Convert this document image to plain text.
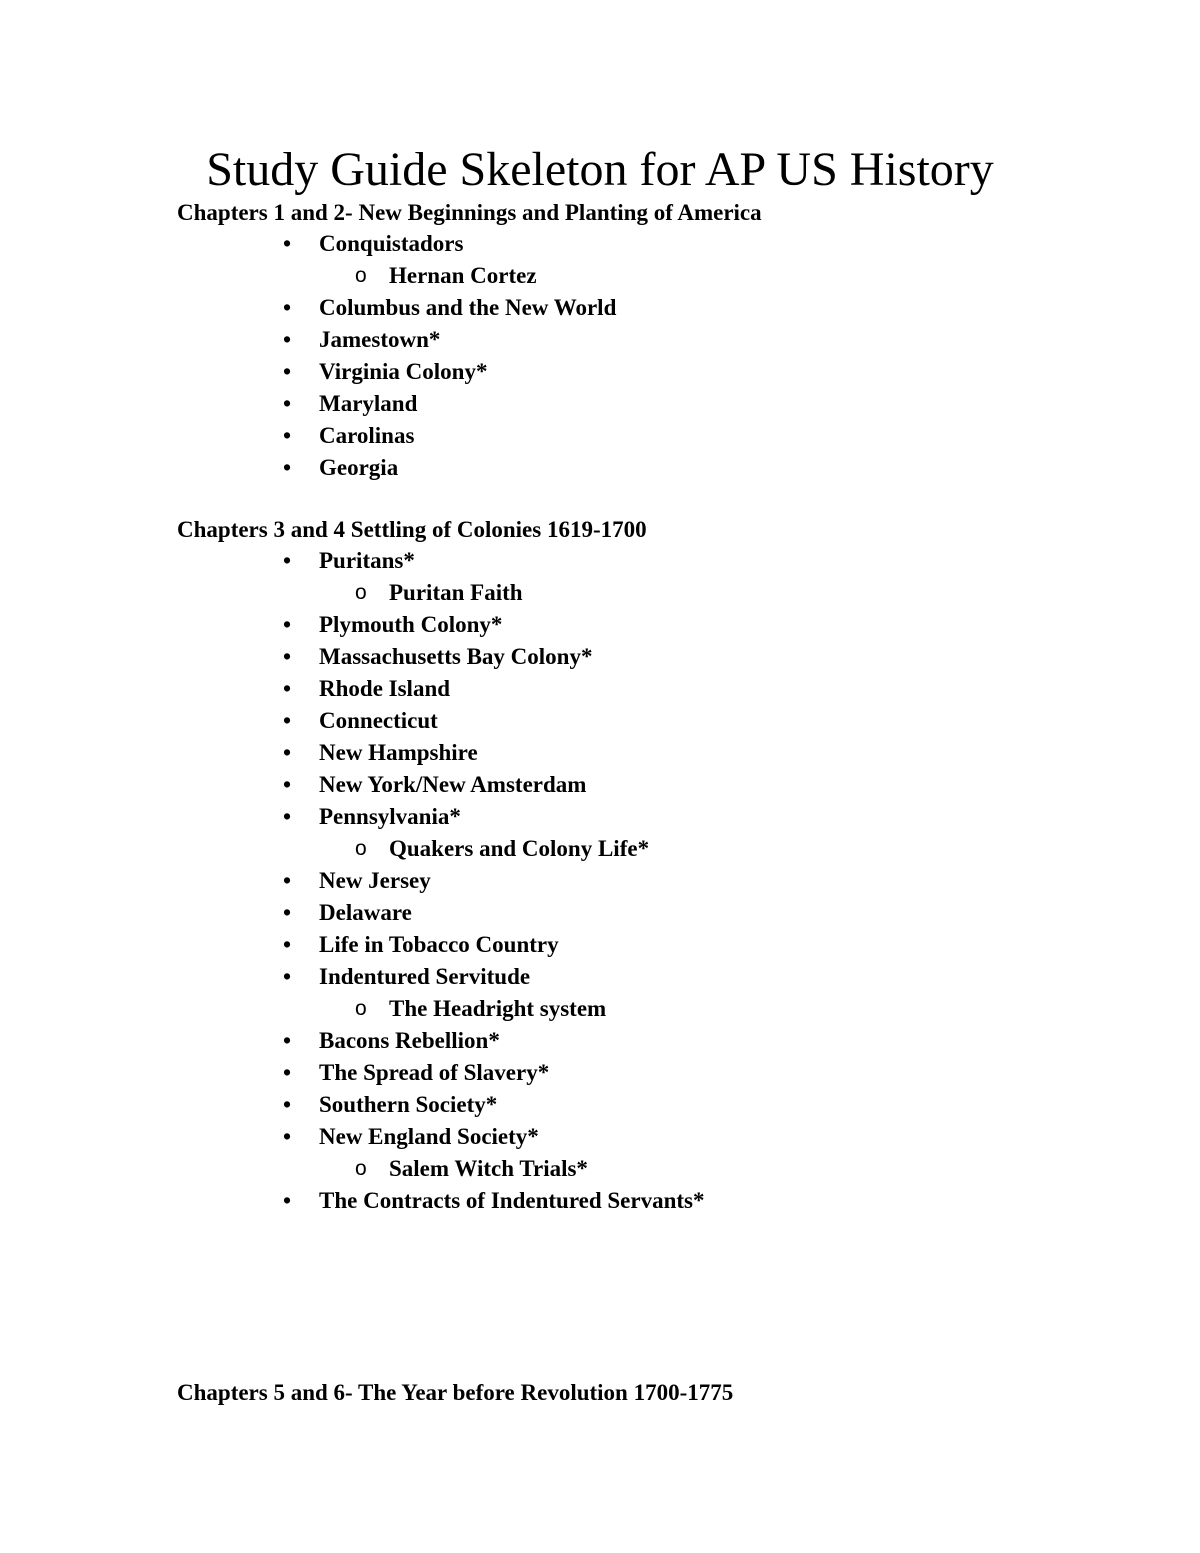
Study Guide Skeleton for AP US History
Chapters 1 and 2- New Beginnings and Planting of America
•	Conquistadors
o Hernan Cortez
•	Columbus and the New World
•	Jamestown*
•	Virginia Colony*
•	Maryland
•	Carolinas
•	Georgia
Chapters 3 and 4 Settling of Colonies 1619-1700
•	Puritans*
o Puritan Faith
•	Plymouth Colony*
•	Massachusetts Bay Colony*
•	Rhode Island
•	Connecticut
•	New Hampshire
•	New York/New Amsterdam
•	Pennsylvania*
o Quakers and Colony Life*
•	New Jersey
•	Delaware
•	Life in Tobacco Country
•	Indentured Servitude
o The Headright system
•	Bacons Rebellion*
•	The Spread of Slavery*
•	Southern Society*
•	New England Society*
o Salem Witch Trials*
•	The Contracts of Indentured Servants*
Chapters 5 and 6- The Year before Revolution 1700-1775
